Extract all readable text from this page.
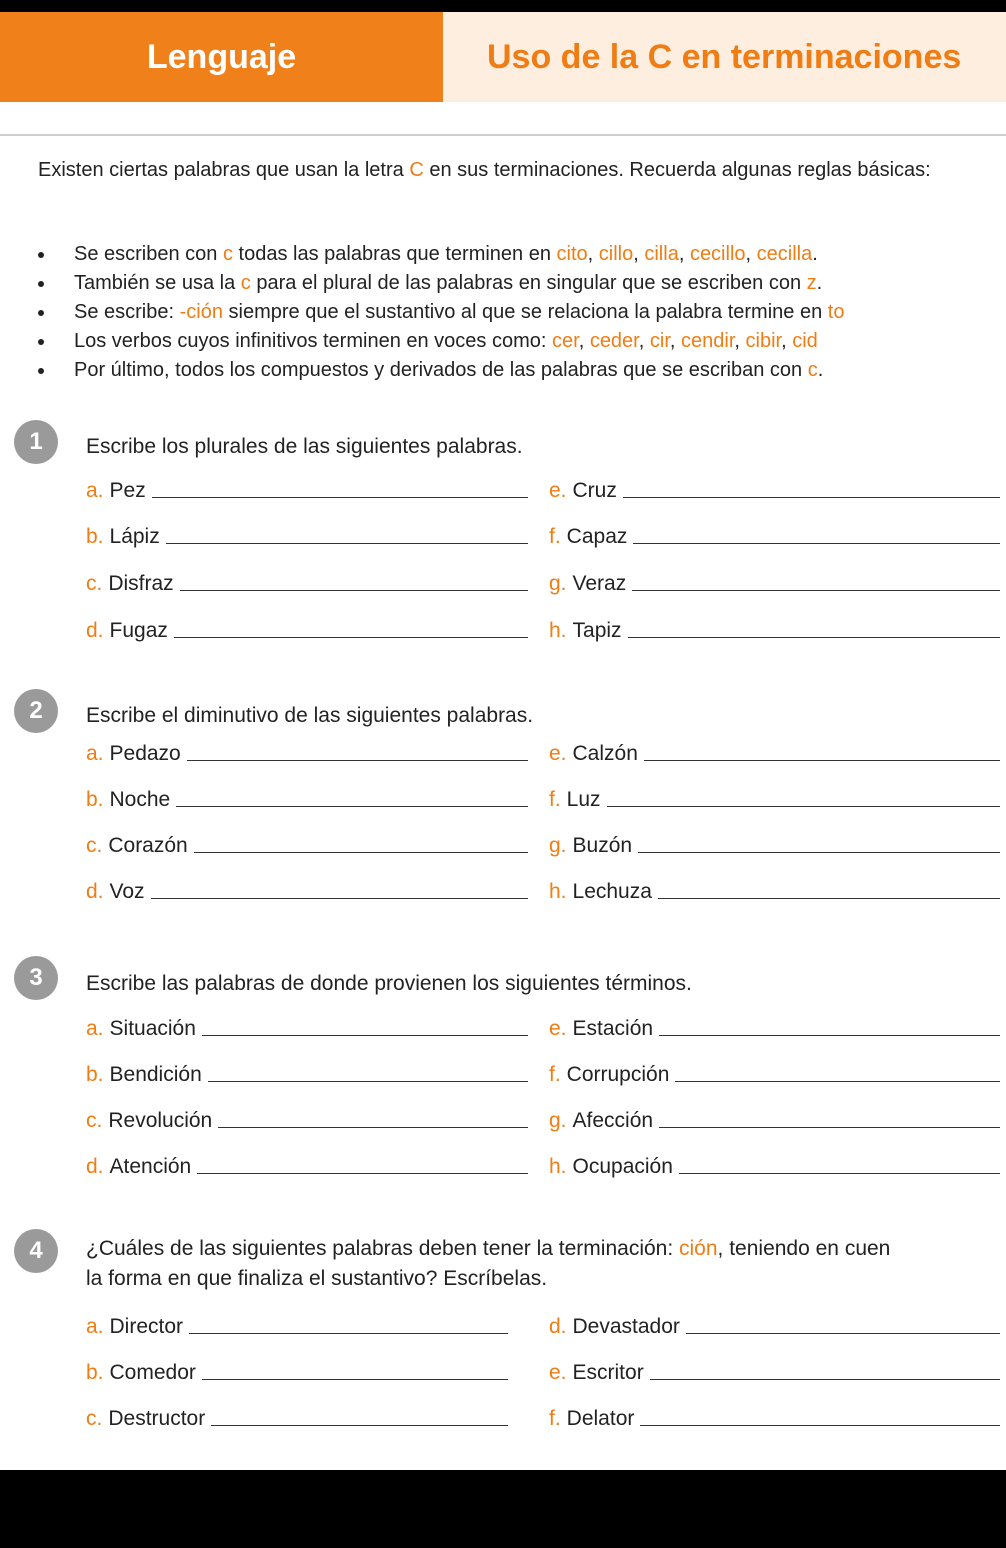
Lenguaje	Uso de la C en terminaciones

Existen ciertas palabras que usan la letra C en sus terminaciones. Recuerda algunas reglas básicas:

Se escriben con c todas las palabras que terminen en cito, cillo, cilla, cecillo, cecilla.
También se usa la c para el plural de las palabras en singular que se escriben con z.
Se escribe: -ción siempre que el sustantivo al que se relaciona la palabra termine en to
Los verbos cuyos infinitivos terminen en voces como: cer, ceder, cir, cendir, cibir, cid
Por último, todos los compuestos y derivados de las palabras que se escriban con c.
1	Escribe los plurales de las siguientes palabras.
a. Pez
b. Lápiz
c. Disfraz
d. Fugaz
e. Cruz
f. Capaz
g. Veraz
h. Tapiz
2	Escribe el diminutivo de las siguientes palabras.
a. Pedazo
b. Noche
c. Corazón
d. Voz
e. Calzón
f. Luz
g. Buzón
h. Lechuza
3	Escribe las palabras de donde provienen los siguientes términos.
a. Situación
b. Bendición
c. Revolución
d. Atención
e. Estación
f. Corrupción
g. Afección
h. Ocupación
4	¿Cuáles de las siguientes palabras deben tener la terminación: ción, teniendo en cuen
la forma en que finaliza el sustantivo? Escríbelas.
a. Director
b. Comedor
c. Destructor
d. Devastador
e. Escritor
f. Delator
